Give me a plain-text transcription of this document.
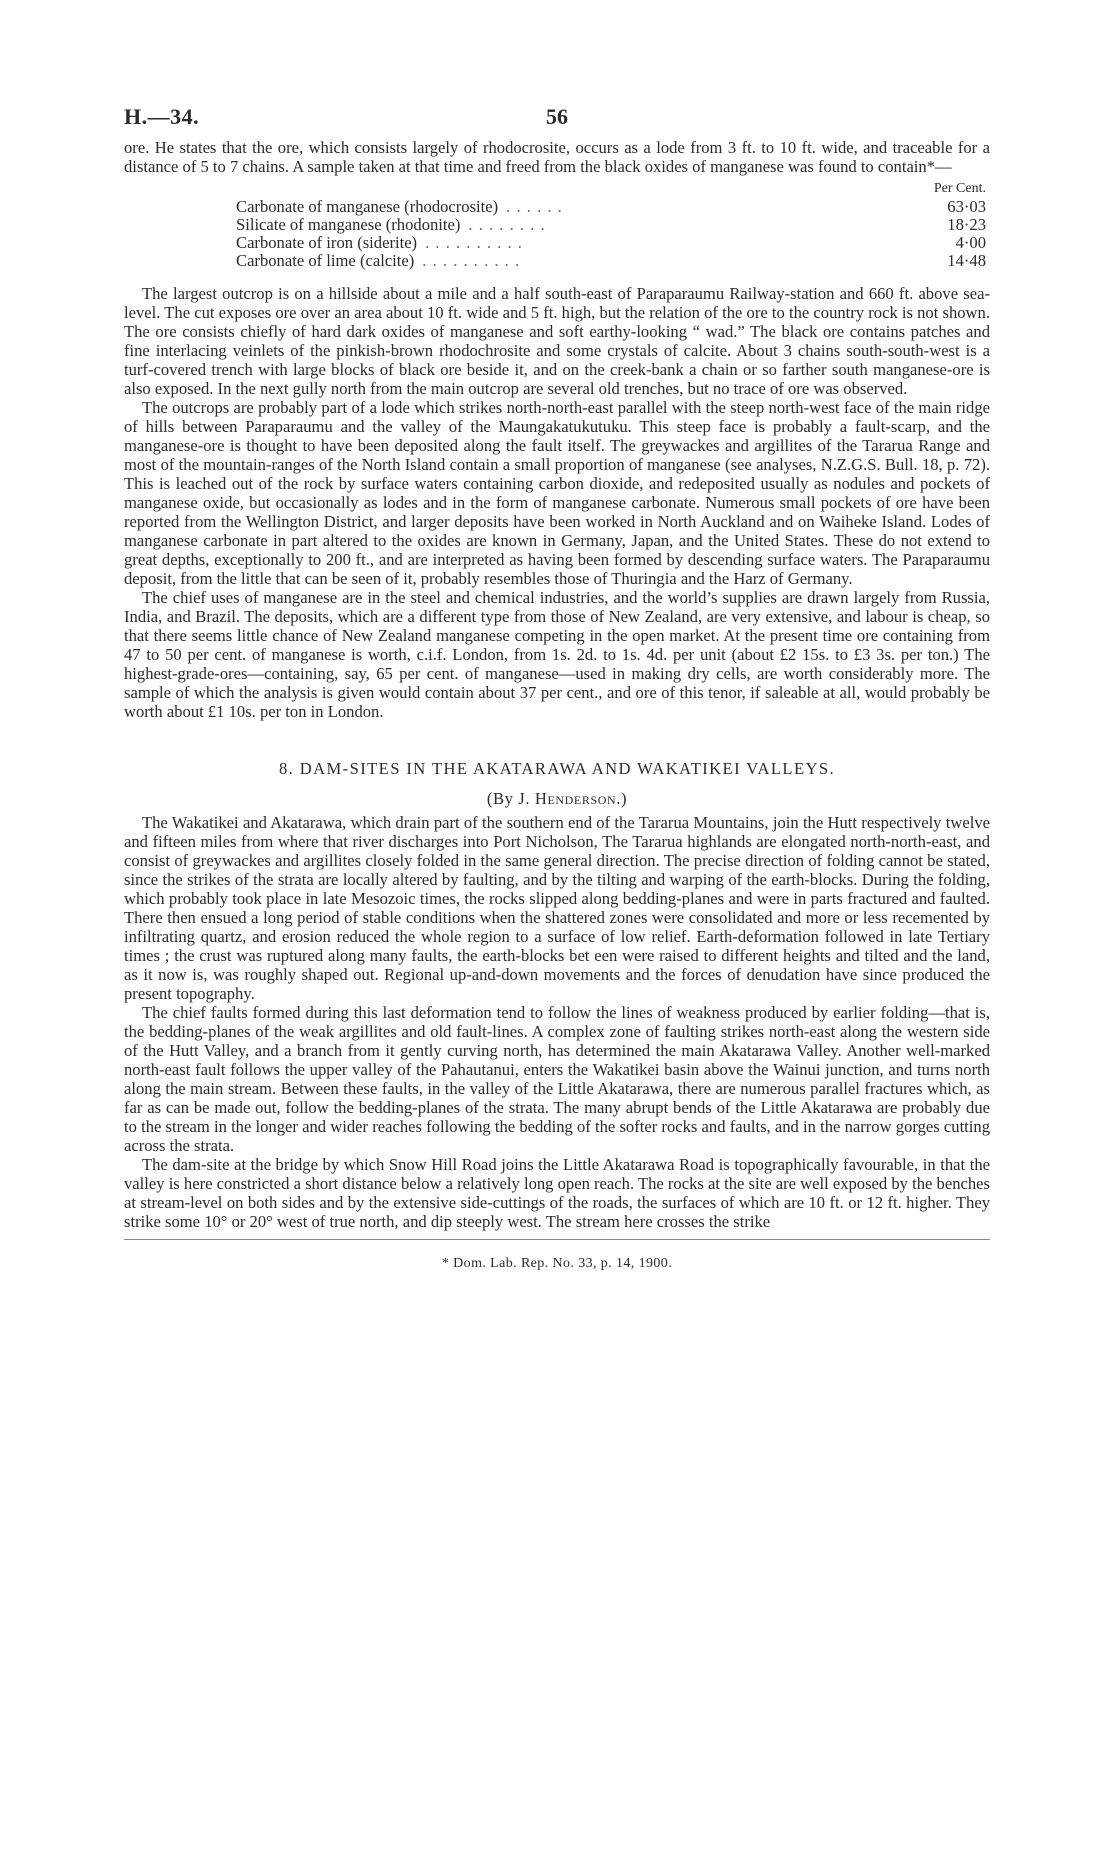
H.—34.	56

ore. He states that the ore, which consists largely of rhodocrosite, occurs as a lode from 3 ft. to 10 ft. wide, and traceable for a distance of 5 to 7 chains. A sample taken at that time and freed from the black oxides of manganese was found to contain*—

Per Cent.
Carbonate of manganese (rhodocrosite) . . . . . .	63·03
Silicate of manganese (rhodonite) . . . . . . . .	18·23
Carbonate of iron (siderite) . . . . . . . . . .	4·00
Carbonate of lime (calcite) . . . . . . . . . .	14·48

The largest outcrop is on a hillside about a mile and a half south-east of Paraparaumu Railway-station and 660 ft. above sea-level. The cut exposes ore over an area about 10 ft. wide and 5 ft. high, but the relation of the ore to the country rock is not shown. The ore consists chiefly of hard dark oxides of manganese and soft earthy-looking “ wad.” The black ore contains patches and fine interlacing veinlets of the pinkish-brown rhodochrosite and some crystals of calcite. About 3 chains south-south-west is a turf-covered trench with large blocks of black ore beside it, and on the creek-bank a chain or so farther south manganese-ore is also exposed. In the next gully north from the main outcrop are several old trenches, but no trace of ore was observed.

The outcrops are probably part of a lode which strikes north-north-east parallel with the steep north-west face of the main ridge of hills between Paraparaumu and the valley of the Maungakatukutuku. This steep face is probably a fault-scarp, and the manganese-ore is thought to have been deposited along the fault itself. The greywackes and argillites of the Tararua Range and most of the mountain-ranges of the North Island contain a small proportion of manganese (see analyses, N.Z.G.S. Bull. 18, p. 72). This is leached out of the rock by surface waters containing carbon dioxide, and redeposited usually as nodules and pockets of manganese oxide, but occasionally as lodes and in the form of manganese carbonate. Numerous small pockets of ore have been reported from the Wellington District, and larger deposits have been worked in North Auckland and on Waiheke Island. Lodes of manganese carbonate in part altered to the oxides are known in Germany, Japan, and the United States. These do not extend to great depths, exceptionally to 200 ft., and are interpreted as having been formed by descending surface waters. The Paraparaumu deposit, from the little that can be seen of it, probably resembles those of Thuringia and the Harz of Germany.

The chief uses of manganese are in the steel and chemical industries, and the world’s supplies are drawn largely from Russia, India, and Brazil. The deposits, which are a different type from those of New Zealand, are very extensive, and labour is cheap, so that there seems little chance of New Zealand manganese competing in the open market. At the present time ore containing from 47 to 50 per cent. of manganese is worth, c.i.f. London, from 1s. 2d. to 1s. 4d. per unit (about £2 15s. to £3 3s. per ton.) The highest-grade-ores—containing, say, 65 per cent. of manganese—used in making dry cells, are worth considerably more. The sample of which the analysis is given would contain about 37 per cent., and ore of this tenor, if saleable at all, would probably be worth about £1 10s. per ton in London.

8. DAM-SITES IN THE AKATARAWA AND WAKATIKEI VALLEYS.
(By J. Henderson.)

The Wakatikei and Akatarawa, which drain part of the southern end of the Tararua Mountains, join the Hutt respectively twelve and fifteen miles from where that river discharges into Port Nicholson, The Tararua highlands are elongated north-north-east, and consist of greywackes and argillites closely folded in the same general direction. The precise direction of folding cannot be stated, since the strikes of the strata are locally altered by faulting, and by the tilting and warping of the earth-blocks. During the folding, which probably took place in late Mesozoic times, the rocks slipped along bedding-planes and were in parts fractured and faulted. There then ensued a long period of stable conditions when the shattered zones were consolidated and more or less recemented by infiltrating quartz, and erosion reduced the whole region to a surface of low relief. Earth-deformation followed in late Tertiary times ; the crust was ruptured along many faults, the earth-blocks bet een were raised to different heights and tilted and the land, as it now is, was roughly shaped out. Regional up-and-down movements and the forces of denudation have since produced the present topography.

The chief faults formed during this last deformation tend to follow the lines of weakness produced by earlier folding—that is, the bedding-planes of the weak argillites and old fault-lines. A complex zone of faulting strikes north-east along the western side of the Hutt Valley, and a branch from it gently curving north, has determined the main Akatarawa Valley. Another well-marked north-east fault follows the upper valley of the Pahautanui, enters the Wakatikei basin above the Wainui junction, and turns north along the main stream. Between these faults, in the valley of the Little Akatarawa, there are numerous parallel fractures which, as far as can be made out, follow the bedding-planes of the strata. The many abrupt bends of the Little Akatarawa are probably due to the stream in the longer and wider reaches following the bedding of the softer rocks and faults, and in the narrow gorges cutting across the strata.

The dam-site at the bridge by which Snow Hill Road joins the Little Akatarawa Road is topographically favourable, in that the valley is here constricted a short distance below a relatively long open reach. The rocks at the site are well exposed by the benches at stream-level on both sides and by the extensive side-cuttings of the roads, the surfaces of which are 10 ft. or 12 ft. higher. They strike some 10° or 20° west of true north, and dip steeply west. The stream here crosses the strike

* Dom. Lab. Rep. No. 33, p. 14, 1900.
